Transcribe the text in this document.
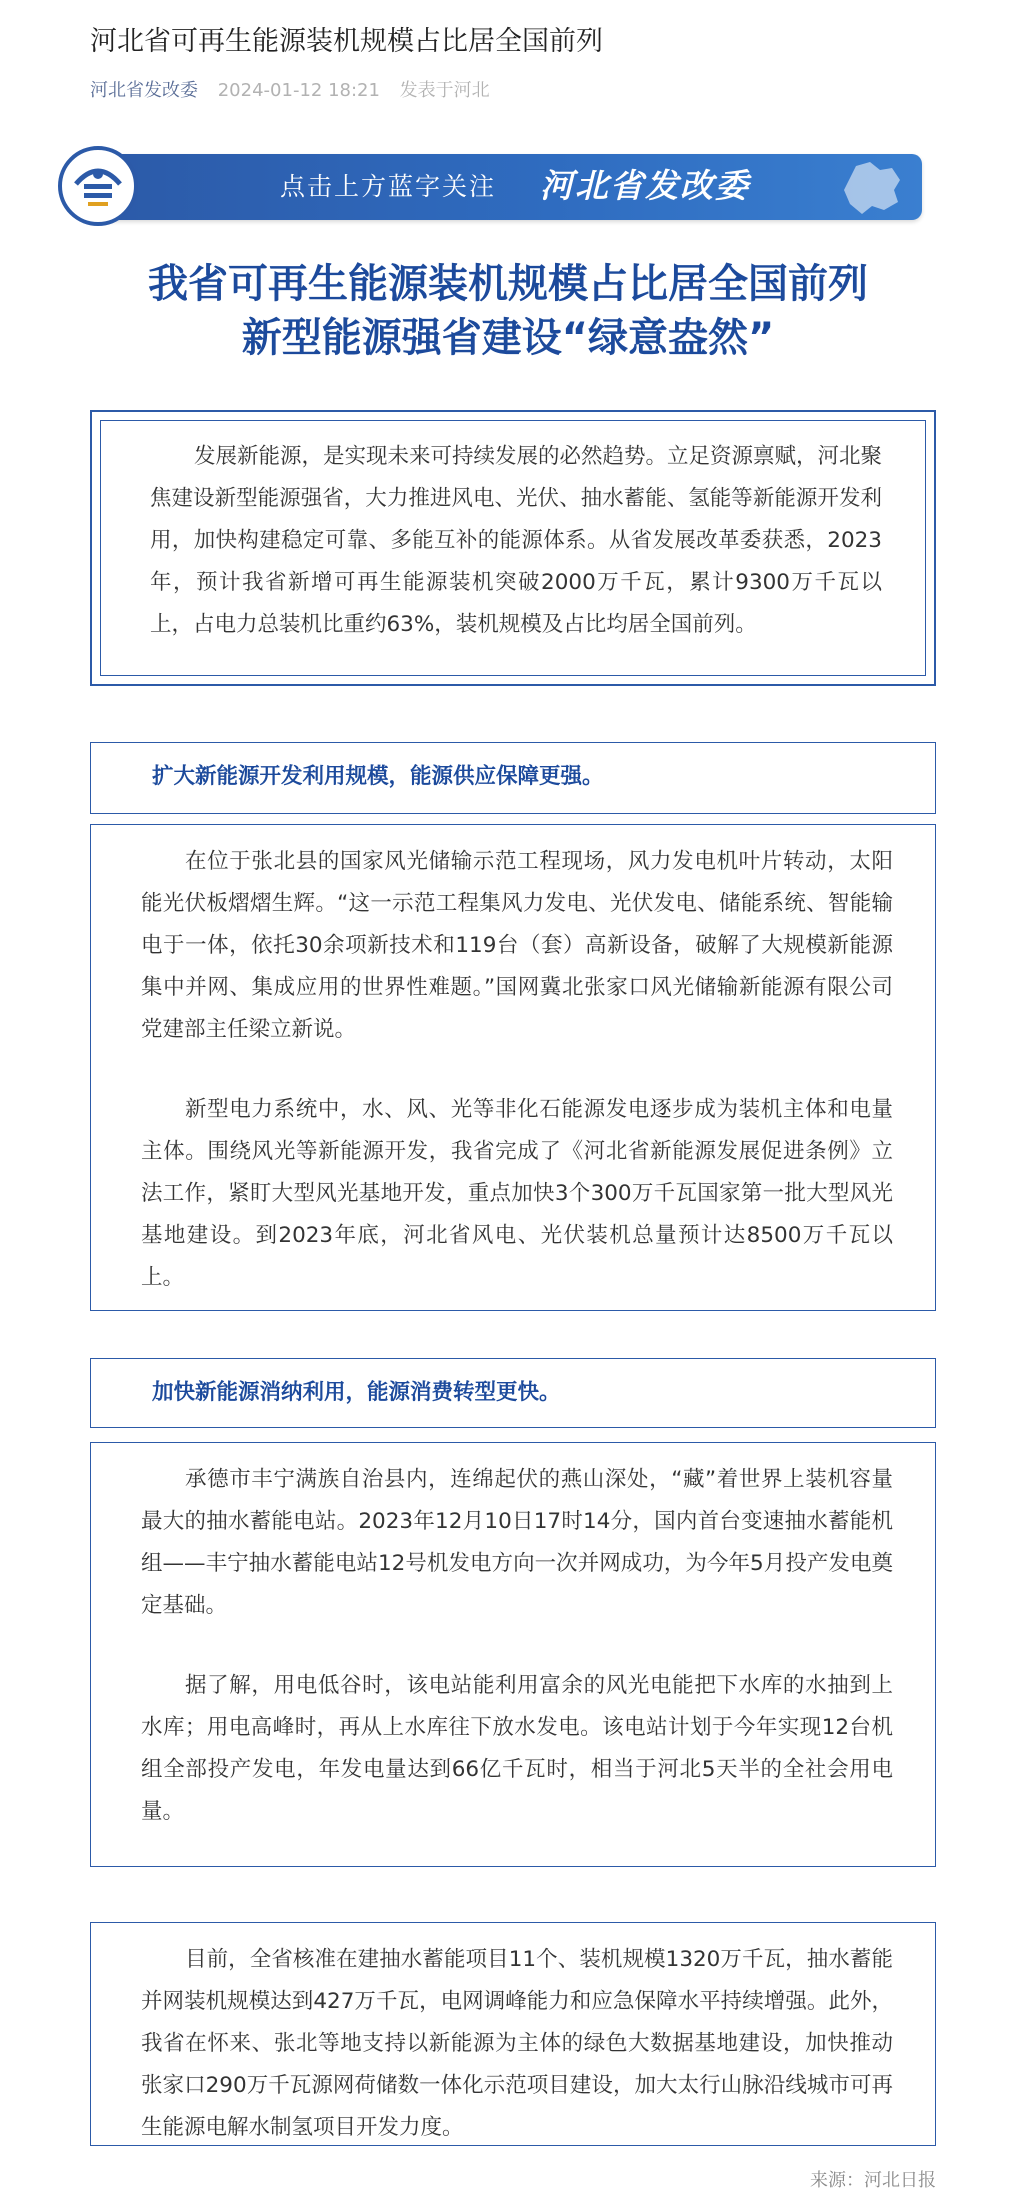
河北省可再生能源装机规模占比居全国前列
河北省发改委 2024-01-12 18:21 发表于河北
点击上方蓝字关注 河北省发改委
我省可再生能源装机规模占比居全国前列
新型能源强省建设“绿意盎然”

发展新能源，是实现未来可持续发展的必然趋势。立足资源禀赋，河北聚焦建设新型能源强省，大力推进风电、光伏、抽水蓄能、氢能等新能源开发利用，加快构建稳定可靠、多能互补的能源体系。从省发展改革委获悉，2023年，预计我省新增可再生能源装机突破2000万千瓦，累计9300万千瓦以上，占电力总装机比重约63%，装机规模及占比均居全国前列。

扩大新能源开发利用规模，能源供应保障更强。

在位于张北县的国家风光储输示范工程现场，风力发电机叶片转动，太阳能光伏板熠熠生辉。“这一示范工程集风力发电、光伏发电、储能系统、智能输电于一体，依托30余项新技术和119台（套）高新设备，破解了大规模新能源集中并网、集成应用的世界性难题。”国网冀北张家口风光储输新能源有限公司党建部主任梁立新说。

新型电力系统中，水、风、光等非化石能源发电逐步成为装机主体和电量主体。围绕风光等新能源开发，我省完成了《河北省新能源发展促进条例》立法工作，紧盯大型风光基地开发，重点加快3个300万千瓦国家第一批大型风光基地建设。到2023年底，河北省风电、光伏装机总量预计达8500万千瓦以上。

加快新能源消纳利用，能源消费转型更快。

承德市丰宁满族自治县内，连绵起伏的燕山深处，“藏”着世界上装机容量最大的抽水蓄能电站。2023年12月10日17时14分，国内首台变速抽水蓄能机组——丰宁抽水蓄能电站12号机发电方向一次并网成功，为今年5月投产发电奠定基础。

据了解，用电低谷时，该电站能利用富余的风光电能把下水库的水抽到上水库；用电高峰时，再从上水库往下放水发电。该电站计划于今年实现12台机组全部投产发电，年发电量达到66亿千瓦时，相当于河北5天半的全社会用电量。

目前，全省核准在建抽水蓄能项目11个、装机规模1320万千瓦，抽水蓄能并网装机规模达到427万千瓦，电网调峰能力和应急保障水平持续增强。此外，我省在怀来、张北等地支持以新能源为主体的绿色大数据基地建设，加快推动张家口290万千瓦源网荷储数一体化示范项目建设，加大太行山脉沿线城市可再生能源电解水制氢项目开发力度。

来源：河北日报
